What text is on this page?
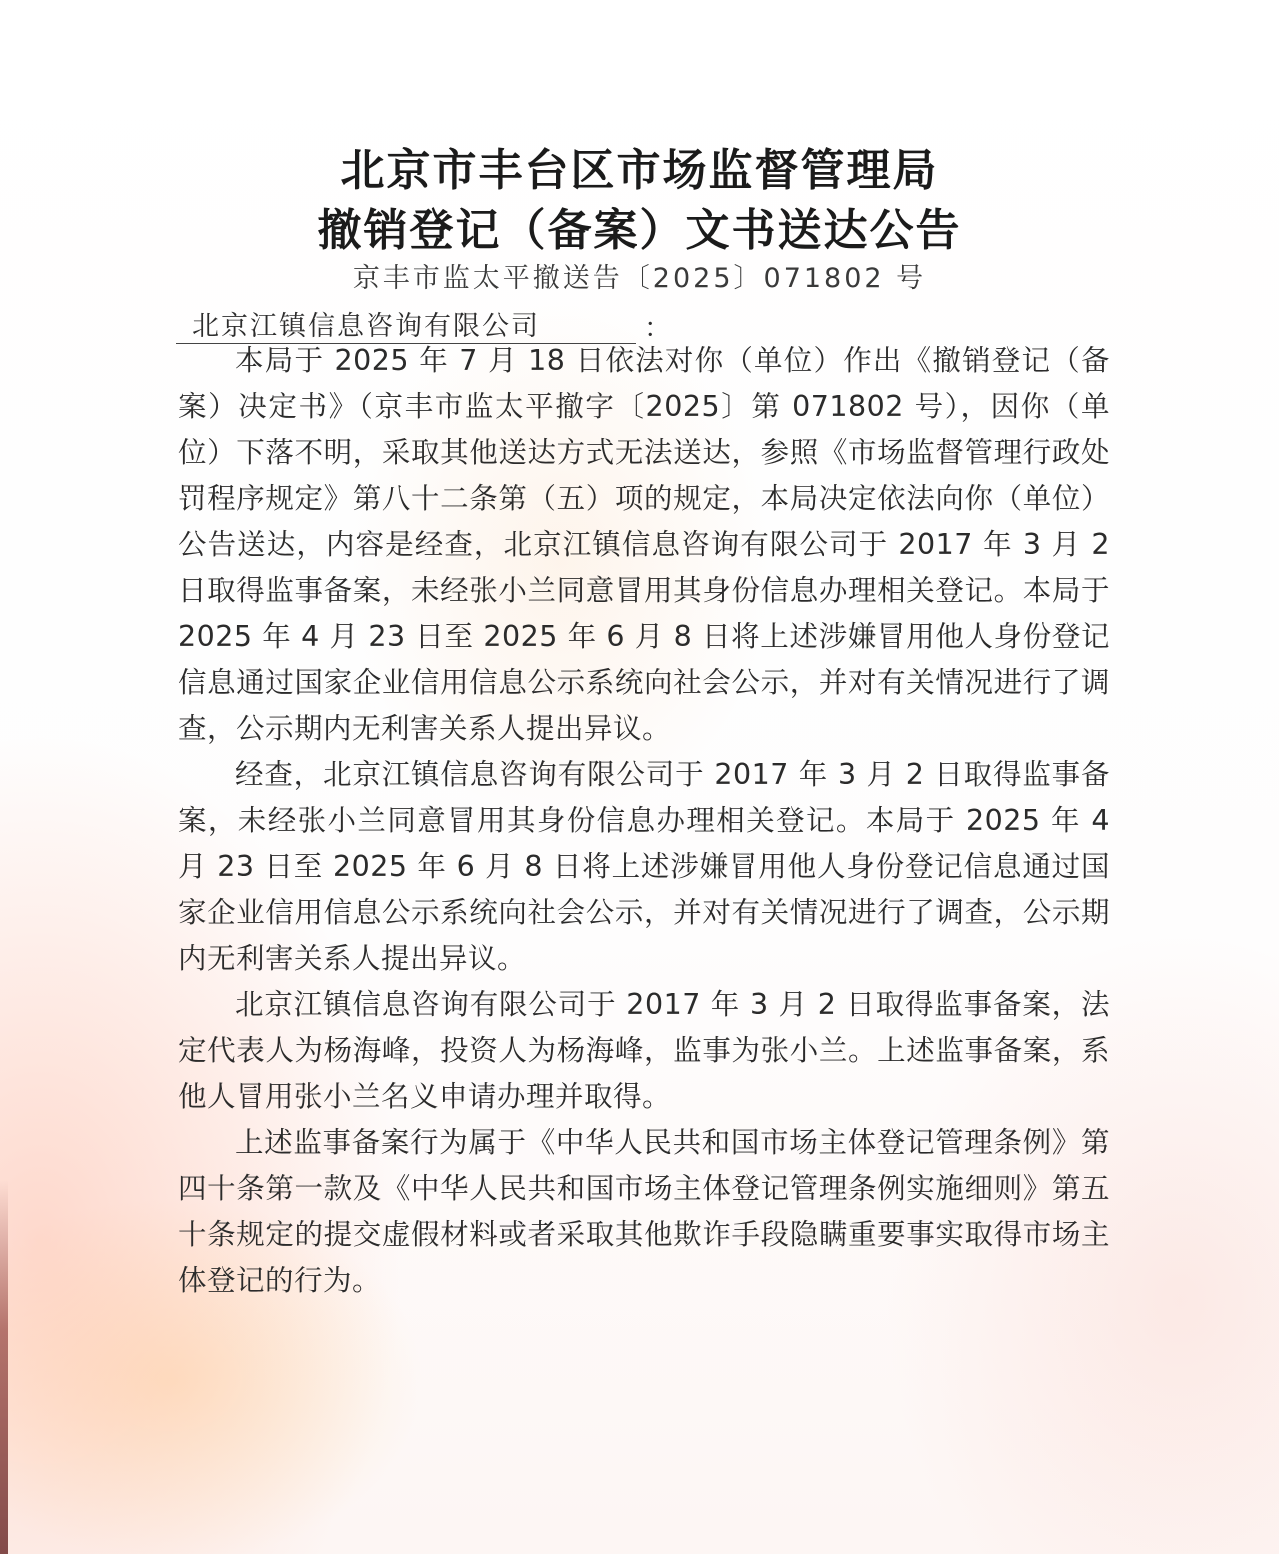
北京市丰台区市场监督管理局
撤销登记（备案）文书送达公告
京丰市监太平撤送告〔2025〕071802 号
北京江镇信息咨询有限公司	：

本局于 2025 年 7 月 18 日依法对你（单位）作出《撤销登记（备案）决定书》（京丰市监太平撤字〔2025〕第 071802 号），因你（单位）下落不明，采取其他送达方式无法送达，参照《市场监督管理行政处罚程序规定》第八十二条第（五）项的规定，本局决定依法向你（单位）公告送达，内容是经查，北京江镇信息咨询有限公司于 2017 年 3 月 2 日取得监事备案，未经张小兰同意冒用其身份信息办理相关登记。本局于 2025 年 4 月 23 日至 2025 年 6 月 8 日将上述涉嫌冒用他人身份登记信息通过国家企业信用信息公示系统向社会公示，并对有关情况进行了调查，公示期内无利害关系人提出异议。

经查，北京江镇信息咨询有限公司于 2017 年 3 月 2 日取得监事备案，未经张小兰同意冒用其身份信息办理相关登记。本局于 2025 年 4 月 23 日至 2025 年 6 月 8 日将上述涉嫌冒用他人身份登记信息通过国家企业信用信息公示系统向社会公示，并对有关情况进行了调查，公示期内无利害关系人提出异议。

北京江镇信息咨询有限公司于 2017 年 3 月 2 日取得监事备案，法定代表人为杨海峰，投资人为杨海峰，监事为张小兰。上述监事备案，系他人冒用张小兰名义申请办理并取得。

上述监事备案行为属于《中华人民共和国市场主体登记管理条例》第四十条第一款及《中华人民共和国市场主体登记管理条例实施细则》第五十条规定的提交虚假材料或者采取其他欺诈手段隐瞒重要事实取得市场主体登记的行为。
